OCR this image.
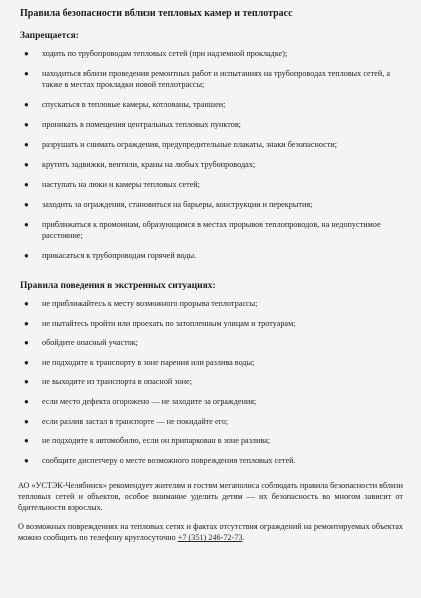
Правила безопасности вблизи тепловых камер и теплотрасс
Запрещается:
● ходить по трубопроводам тепловых сетей (при надземной прокладке);
● находиться вблизи проведения ремонтных работ и испытаниях на трубопроводах тепловых сетей, а также в местах прокладки новой теплотрассы;
● спускаться в тепловые камеры, котлованы, траншеи;
● проникать в помещения центральных тепловых пунктов;
● разрушать и снимать ограждения, предупредительные плакаты, знаки безопасности;
● крутить задвижки, вентили, краны на любых трубопроводах;
● наступать на люки и камеры тепловых сетей;
● заходить за ограждения, становиться на барьеры, конструкции и перекрытия;
● приближаться к промоинам, образующимся в местах прорывов теплопроводов, на недопустимое расстояние;
● прикасаться к трубопроводам горячей воды.
Правила поведения в экстренных ситуациях:
● не приближайтесь к месту возможного прорыва теплотрассы;
● не пытайтесь пройти или проехать по затопленным улицам и тротуарам;
● обойдите опасный участок;
● не подходите к транспорту в зоне парения или разлива воды;
● не выходите из транспорта в опасной зоне;
● если место дефекта огорожено — не заходите за ограждения;
● если разлив застал в транспорте — не покидайте его;
● не подходите к автомобилю, если он припаркован в зоне разлива;
● сообщите диспетчеру о месте возможного повреждения тепловых сетей.

АО «УСТЭК-Челябинск» рекомендует жителям и гостям мегаполиса соблюдать правила безопасности вблизи тепловых сетей и объектов, особое внимание уделить детям — их безопасность во многом зависит от бдительности взрослых.

О возможных повреждениях на тепловых сетях и фактах отсутствия ограждений на ремонтируемых объектах можно сообщить по телефону круглосуточно +7 (351) 246-72-73.
